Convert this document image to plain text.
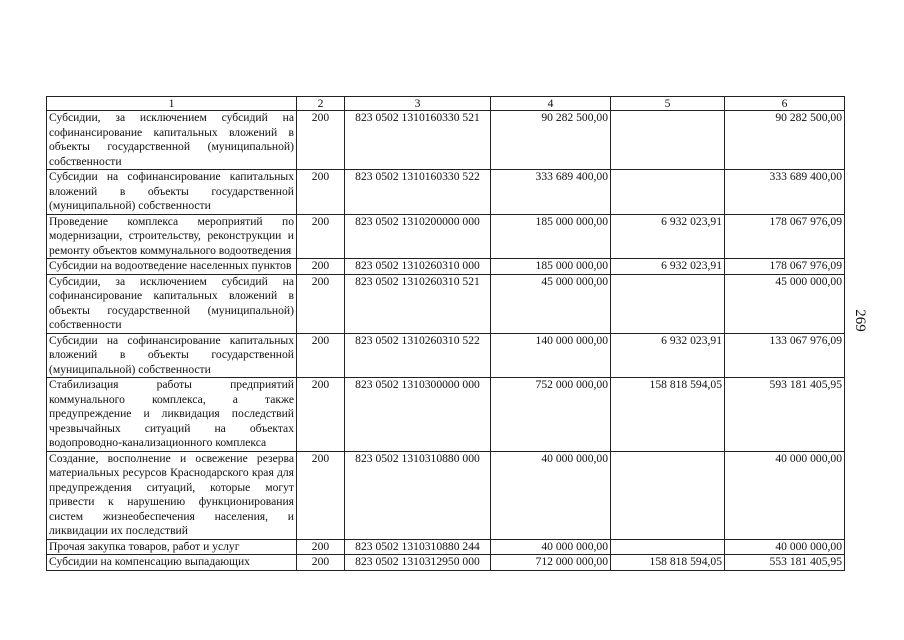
1	2	3	4	5	6
Субсидии, за исключением субсидий на софинансирование капитальных вложений в объекты государственной (муниципальной) собственности	200	823 0502 1310160330 521	90 282 500,00		90 282 500,00
Субсидии на софинансирование капитальных вложений в объекты государственной (муниципальной) собственности	200	823 0502 1310160330 522	333 689 400,00		333 689 400,00
Проведение комплекса мероприятий по модернизации, строительству, реконструкции и ремонту объектов коммунального водоотведения	200	823 0502 1310200000 000	185 000 000,00	6 932 023,91	178 067 976,09
Субсидии на водоотведение населенных пунктов	200	823 0502 1310260310 000	185 000 000,00	6 932 023,91	178 067 976,09
Субсидии, за исключением субсидий на софинансирование капитальных вложений в объекты государственной (муниципальной) собственности	200	823 0502 1310260310 521	45 000 000,00		45 000 000,00
Субсидии на софинансирование капитальных вложений в объекты государственной (муниципальной) собственности	200	823 0502 1310260310 522	140 000 000,00	6 932 023,91	133 067 976,09
Стабилизация работы предприятий коммунального комплекса, а также предупреждение и ликвидация последствий чрезвычайных ситуаций на объектах водопроводно-канализационного комплекса	200	823 0502 1310300000 000	752 000 000,00	158 818 594,05	593 181 405,95
Создание, восполнение и освежение резерва материальных ресурсов Краснодарского края для предупреждения ситуаций, которые могут привести к нарушению функционирования систем жизнеобеспечения населения, и ликвидации их последствий	200	823 0502 1310310880 000	40 000 000,00		40 000 000,00
Прочая закупка товаров, работ и услуг	200	823 0502 1310310880 244	40 000 000,00		40 000 000,00
Субсидии на компенсацию выпадающих	200	823 0502 1310312950 000	712 000 000,00	158 818 594,05	553 181 405,95
269
